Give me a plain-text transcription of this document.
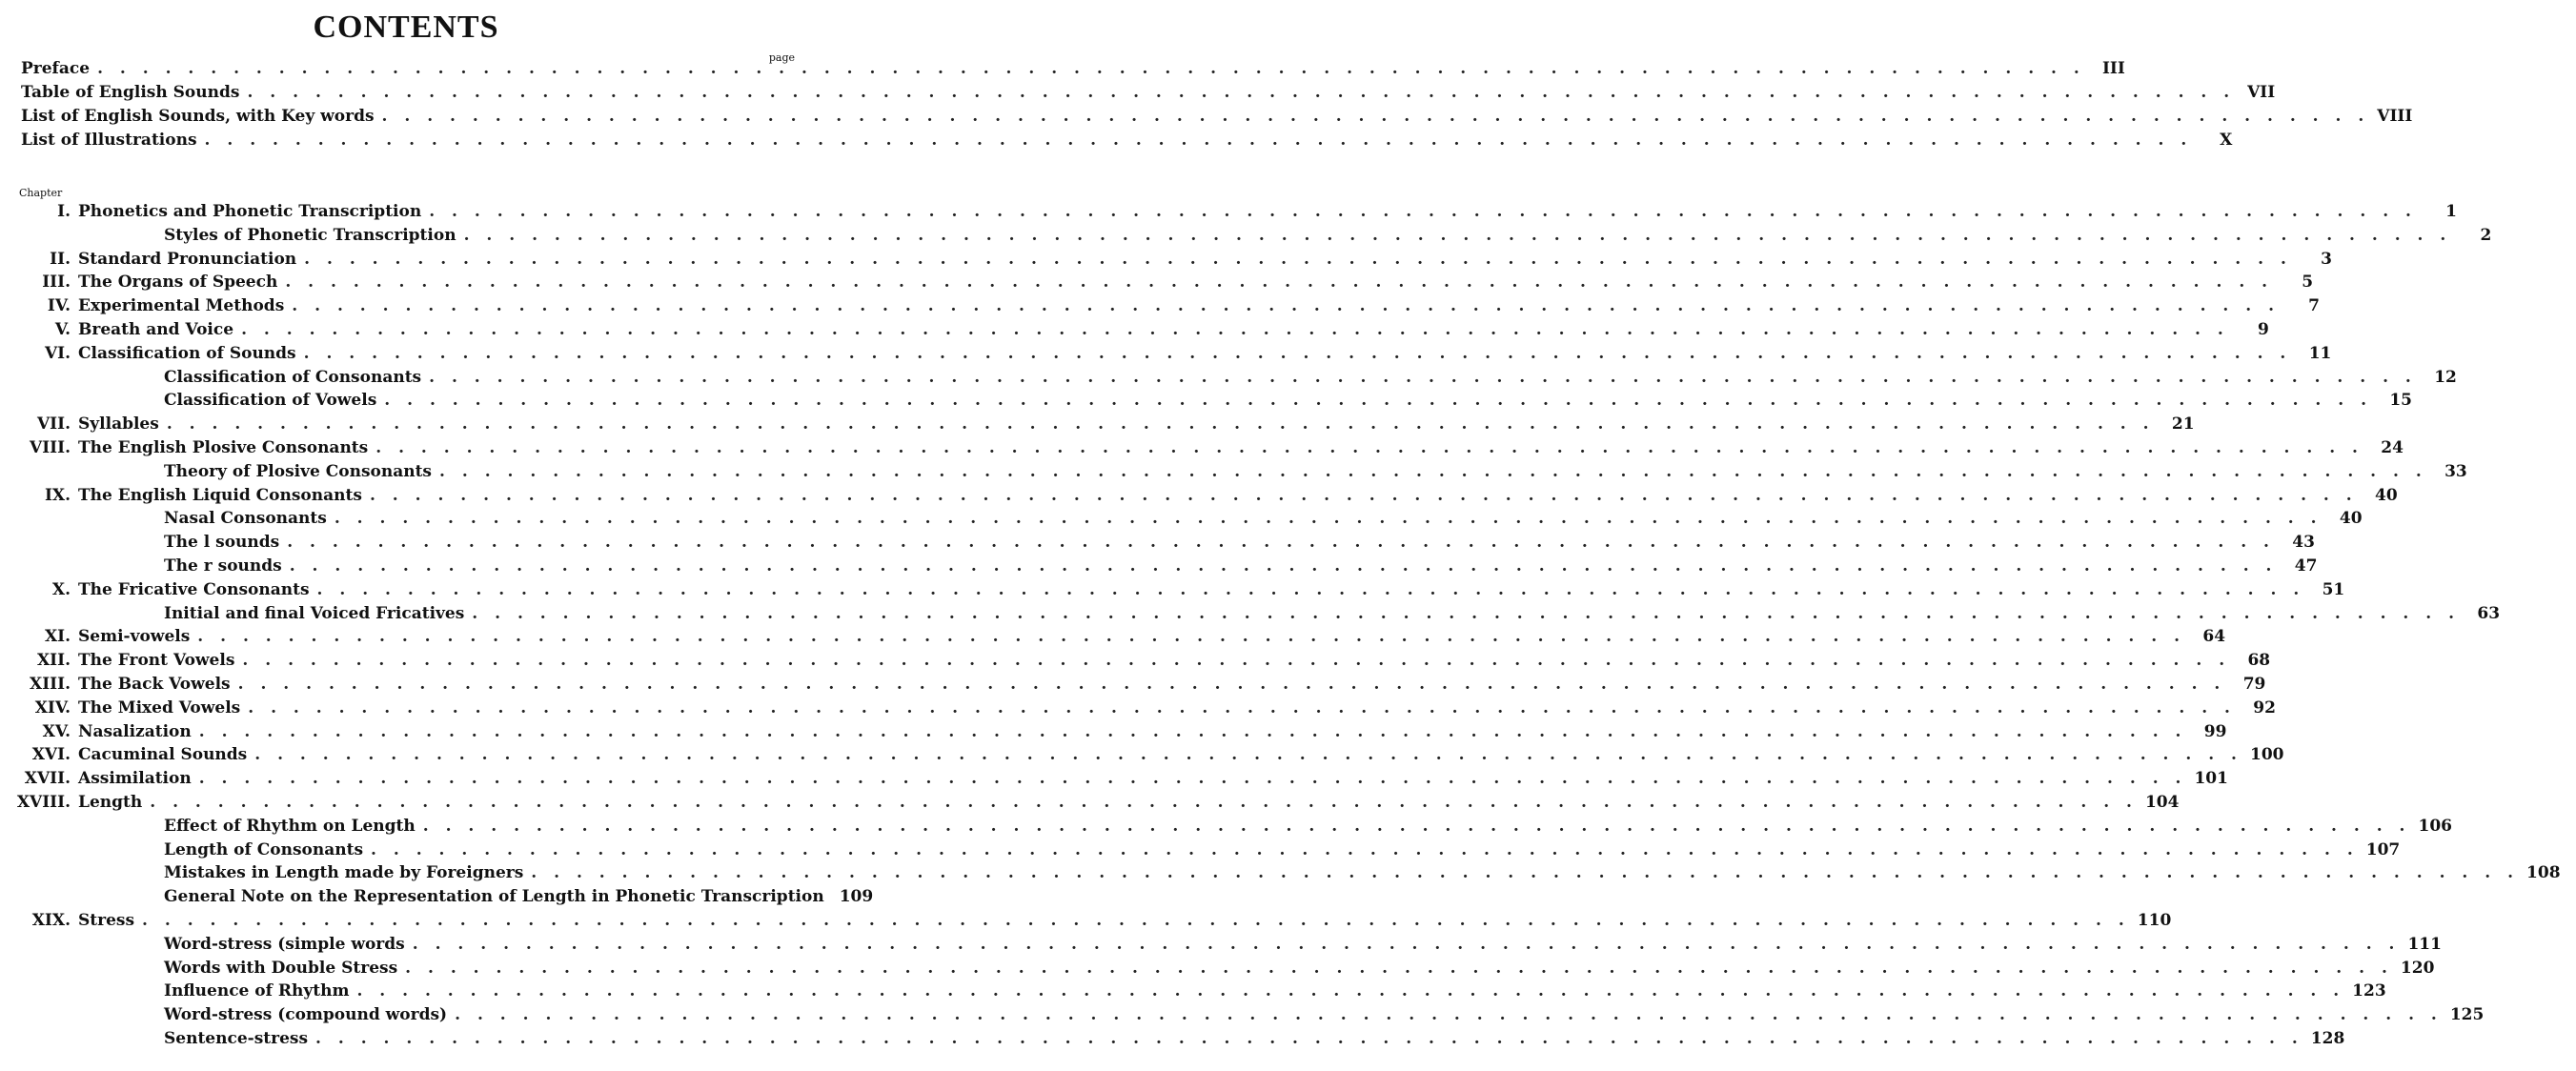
CONTENTS
page
Preface . . .	III
Table of English Sounds . . .	VII
List of English Sounds, with Key words . . .	VIII
List of Illustrations . . .	X
Chapter
I. Phonetics and Phonetic Transcription . . .	1
Styles of Phonetic Transcription . . .	2
II. Standard Pronunciation . . .	3
III. The Organs of Speech . . .	5
IV. Experimental Methods . . .	7
V. Breath and Voice . . .	9
VI. Classification of Sounds . . .	11
Classification of Consonants . . .	12
Classification of Vowels . . .	15
VII. Syllables . . .	21
VIII. The English Plosive Consonants . . .	24
Theory of Plosive Consonants . . .	33
IX. The English Liquid Consonants . . .	40
Nasal Consonants . . .	40
The l sounds . . .	43
The r sounds . . .	47
X. The Fricative Consonants . . .	51
Initial and final Voiced Fricatives . . .	63
XI. Semi-vowels . . .	64
XII. The Front Vowels . . .	68
XIII. The Back Vowels . . .	79
XIV. The Mixed Vowels . . .	92
XV. Nasalization . . .	99
XVI. Cacuminal Sounds . . .	100
XVII. Assimilation . . .	101
XVIII. Length . . .	104
Effect of Rhythm on Length . . .	106
Length of Consonants . . .	107
Mistakes in Length made by Foreigners . . .	108
General Note on the Representation of Length in Phonetic Transcription 109
XIX. Stress . . .	110
Word-stress (simple words . . .	111
Words with Double Stress . . .	120
Influence of Rhythm . . .	123
Word-stress (compound words) . . .	125
Sentence-stress . . .	128
